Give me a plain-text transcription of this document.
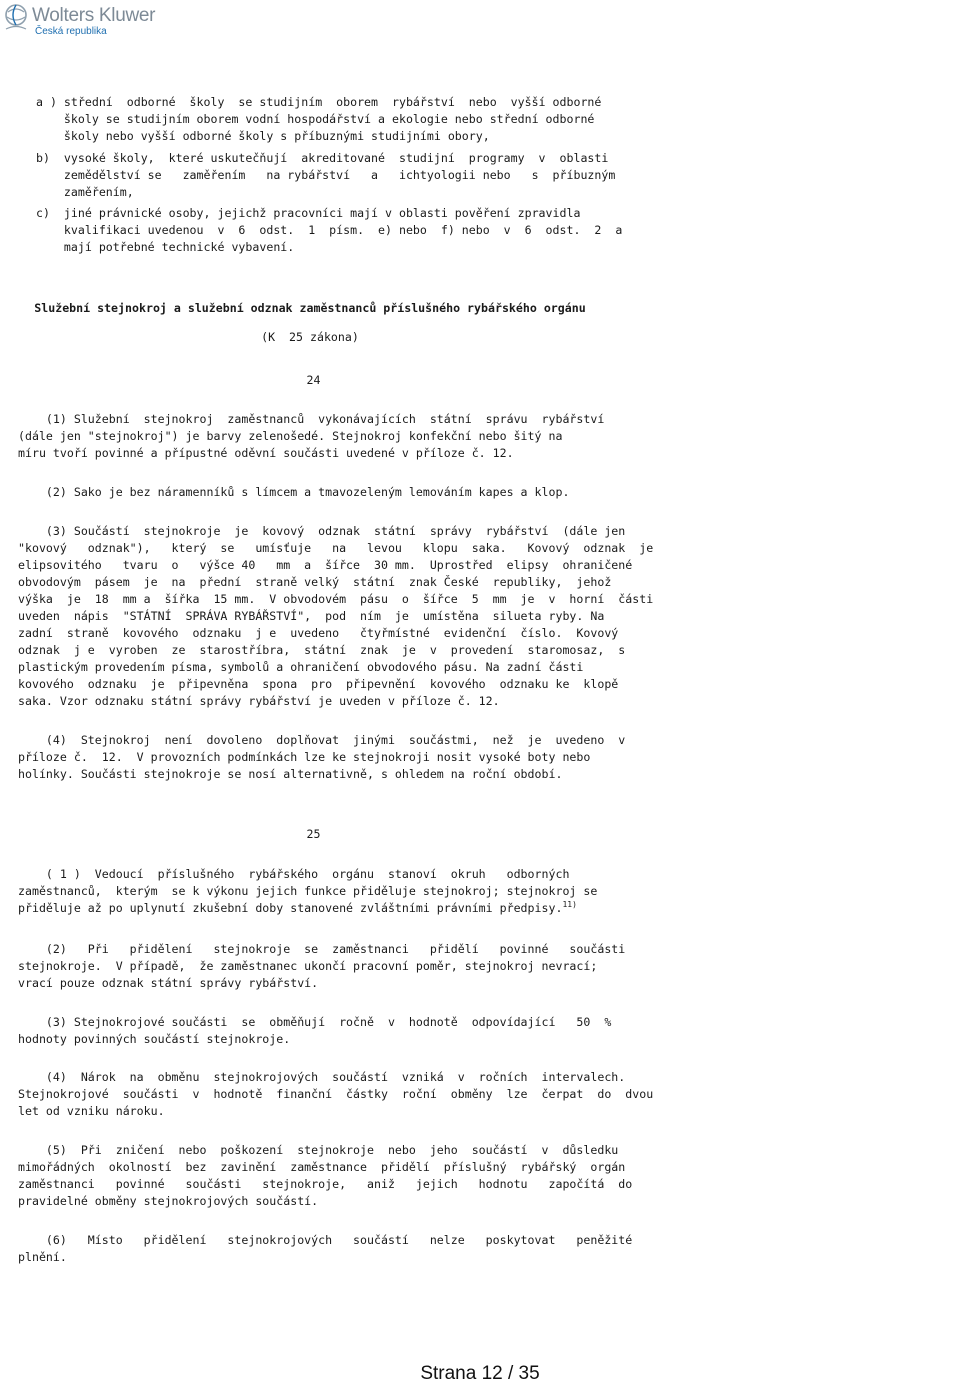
Wolters Kluwer
Česká republika
a ) střední  odborné  školy  se studijním  oborem  rybářství  nebo  vyšší odborné
školy se studijním oborem vodní hospodářství a ekologie nebo střední odborné
školy nebo vyšší odborné školy s příbuznými studijními obory,
b)  vysoké školy,  které uskutečňují  akreditované  studijní  programy  v  oblasti
zemědělství se   zaměřením   na rybářství   a   ichtyologii nebo   s  příbuzným
zaměřením,
c)  jiné právnické osoby, jejichž pracovníci mají v oblasti pověření zpravidla
kvalifikaci uvedenou  v  6  odst.  1  písm.  e) nebo  f) nebo  v  6  odst.  2  a
mají potřebné technické vybavení.
Služební stejnokroj a služební odznak zaměstnanců příslušného rybářského orgánu
(K  25 zákona)
24
(1) Služební  stejnokroj  zaměstnanců  vykonávajících  státní  správu  rybářství
(dále jen "stejnokroj") je barvy zelenošedé. Stejnokroj konfekční nebo šitý na
míru tvoří povinné a přípustné oděvní součásti uvedené v příloze č. 12.
(2) Sako je bez náramenníků s límcem a tmavozeleným lemováním kapes a klop.
(3) Součástí  stejnokroje  je  kovový  odznak  státní  správy  rybářství  (dále jen
"kovový   odznak"),   který  se   umísťuje   na   levou   klopu  saka.   Kovový  odznak  je
elipsovitého   tvaru  o   výšce 40   mm  a  šířce  30 mm.  Uprostřed  elipsy  ohraničené
obvodovým  pásem  je  na  přední  straně velký  státní  znak České  republiky,  jehož
výška  je  18  mm a  šířka  15 mm.  V obvodovém  pásu  o  šířce  5  mm  je  v  horní  části
uveden  nápis  "STÁTNÍ  SPRÁVA RYBÁŘSTVÍ",  pod  ním  je  umístěna  silueta ryby. Na
zadní  straně  kovového  odznaku  j e  uvedeno   čtyřmístné  evidenční  číslo.  Kovový
odznak  j e  vyroben  ze  starostříbra,  státní  znak  je  v  provedení  staromosaz,  s
plastickým provedením písma, symbolů a ohraničení obvodového pásu. Na zadní části
kovového  odznaku  je  připevněna  spona  pro  připevnění  kovového  odznaku ke  klopě
saka. Vzor odznaku státní správy rybářství je uveden v příloze č. 12.
(4)  Stejnokroj  není  dovoleno  doplňovat  jinými  součástmi,  než  je  uvedeno  v
příloze č.  12.  V provozních podmínkách lze ke stejnokroji nosit vysoké boty nebo
holínky. Součásti stejnokroje se nosí alternativně, s ohledem na roční období.
25
( 1 )  Vedoucí  příslušného  rybářského  orgánu  stanoví  okruh   odborných
zaměstnanců,  kterým  se k výkonu jejich funkce přiděluje stejnokroj; stejnokroj se
přiděluje až po uplynutí zkušební doby stanovené zvláštními právními předpisy.$^{11)}$
(2)   Při   přidělení   stejnokroje  se  zaměstnanci   přidělí   povinné   součásti
stejnokroje.  V případě,  že zaměstnanec ukončí pracovní poměr, stejnokroj nevrací;
vrací pouze odznak státní správy rybářství.
(3) Stejnokrojové součásti  se  obměňují  ročně  v  hodnotě  odpovídající   50  %
hodnoty povinných součástí stejnokroje.
(4)  Nárok  na  obměnu  stejnokrojových  součástí  vzniká  v  ročních  intervalech.
Stejnokrojové  součásti  v  hodnotě  finanční  částky  roční  obměny  lze  čerpat  do  dvou
let od vzniku nároku.
(5)  Při  zničení  nebo  poškození  stejnokroje  nebo  jeho  součástí  v  důsledku
mimořádných  okolností  bez  zavinění  zaměstnance  přidělí  příslušný  rybářský  orgán
zaměstnanci   povinné   součásti   stejnokroje,   aniž   jejich   hodnotu   započítá  do
pravidelné obměny stejnokrojových součástí.
(6)   Místo   přidělení   stejnokrojových   součástí   nelze   poskytovat   peněžité
plnění.
Strana 12 / 35
